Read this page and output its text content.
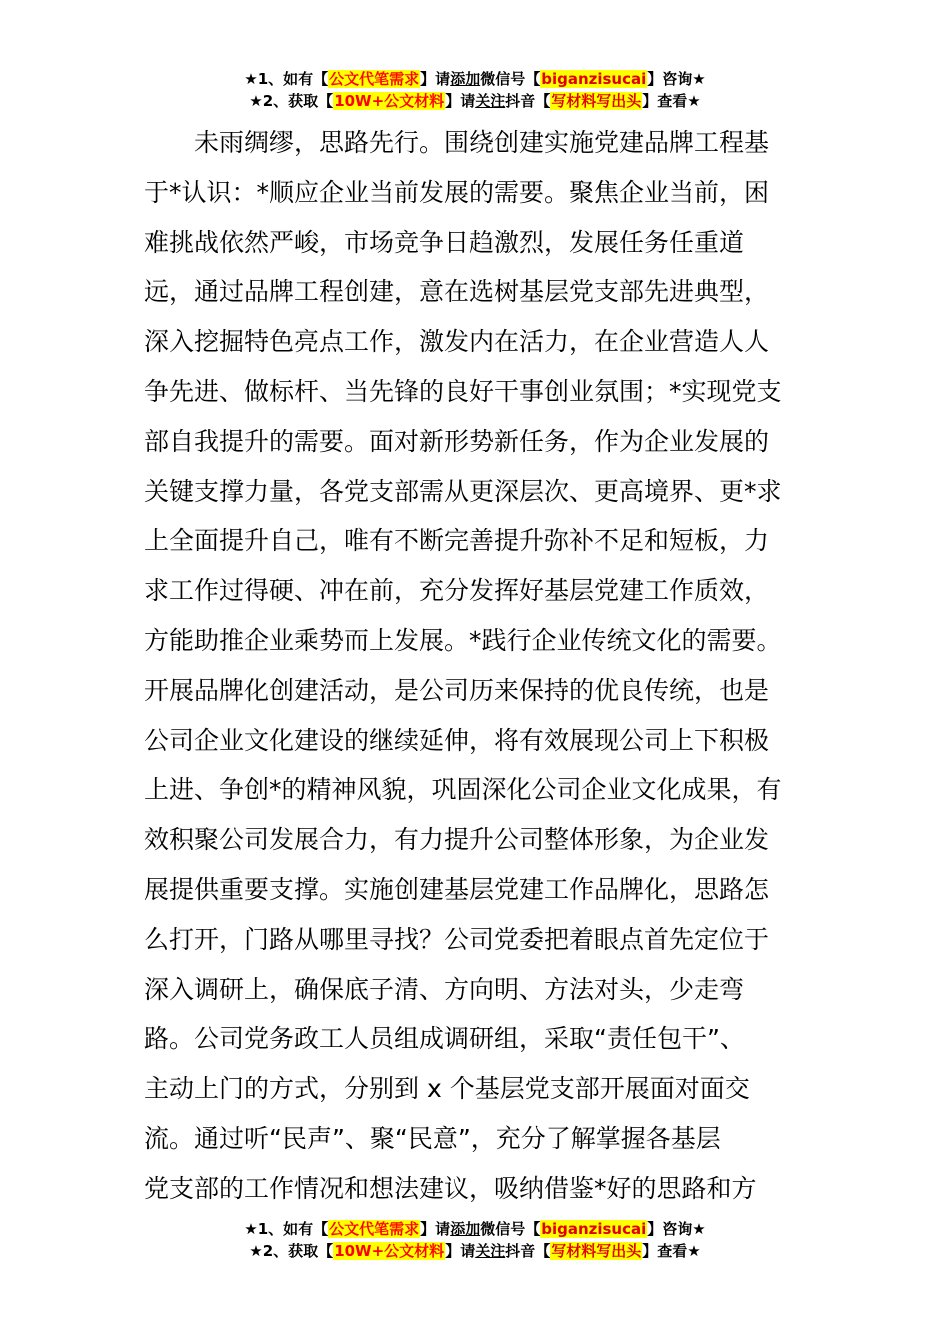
★1、如有【公文代笔需求】请添加微信号【biganzisucai】咨询★
★2、获取【10W+公文材料】请关注抖音【写材料写出头】查看★
　　未雨绸缪，思路先行。围绕创建实施党建品牌工程基
于*认识：*顺应企业当前发展的需要。聚焦企业当前，困
难挑战依然严峻，市场竞争日趋激烈，发展任务任重道
远，通过品牌工程创建，意在选树基层党支部先进典型，
深入挖掘特色亮点工作，激发内在活力，在企业营造人人
争先进、做标杆、当先锋的良好干事创业氛围；*实现党支
部自我提升的需要。面对新形势新任务，作为企业发展的
关键支撑力量，各党支部需从更深层次、更高境界、更*求
上全面提升自己，唯有不断完善提升弥补不足和短板，力
求工作过得硬、冲在前，充分发挥好基层党建工作质效，
方能助推企业乘势而上发展。*践行企业传统文化的需要。
开展品牌化创建活动，是公司历来保持的优良传统，也是
公司企业文化建设的继续延伸，将有效展现公司上下积极
上进、争创*的精神风貌，巩固深化公司企业文化成果，有
效积聚公司发展合力，有力提升公司整体形象，为企业发
展提供重要支撑。实施创建基层党建工作品牌化，思路怎
么打开，门路从哪里寻找？公司党委把着眼点首先定位于
深入调研上，确保底子清、方向明、方法对头，少走弯
路。公司党务政工人员组成调研组，采取“责任包干”、
主动上门的方式，分别到 x 个基层党支部开展面对面交
流。通过听“民声”、聚“民意”，充分了解掌握各基层
党支部的工作情况和想法建议，吸纳借鉴*好的思路和方
★1、如有【公文代笔需求】请添加微信号【biganzisucai】咨询★
★2、获取【10W+公文材料】请关注抖音【写材料写出头】查看★
